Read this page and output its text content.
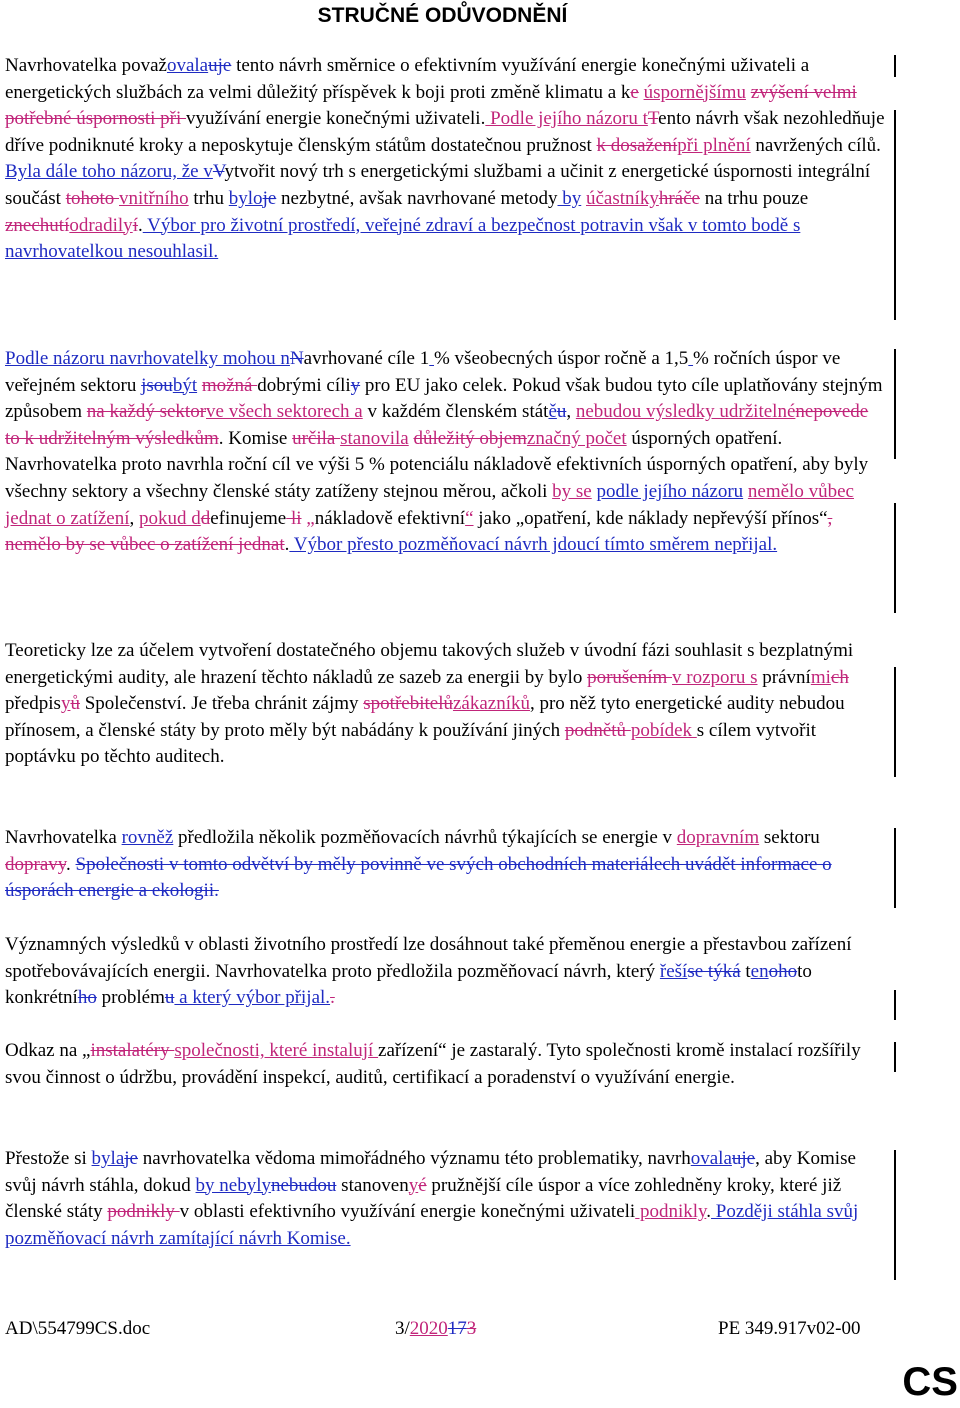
STRUČNÉ ODŮVODNĚNÍ

Navrhovatelka považovalauje tento návrh směrnice o efektivním využívání energie konečnými uživateli a energetických službách za velmi důležitý příspěvek k boji proti změně klimatu a ke úspornějšímu zvýšení velmi potřebné úspornosti při využívání energie konečnými uživateli. Podle jejího názoru tTento návrh však nezohledňuje dříve podniknuté kroky a neposkytuje členským státům dostatečnou pružnost k dosaženípři plnění navržených cílů. Byla dále toho názoru, že vVytvořit nový trh s energetickými službami a učinit z energetické úspornosti integrální součást tohoto vnitřního trhu byloje nezbytné, avšak navrhované metody by účastníkyhráče na trhu pouze znechutíodradilyí. Výbor pro životní prostředí, veřejné zdraví a bezpečnost potravin však v tomto bodě s navrhovatelkou nesouhlasil.

Podle názoru navrhovatelky mohou nNavrhované cíle 1 % všeobecných úspor ročně a 1,5 % ročních úspor ve veřejném sektoru jsoubýt možná dobrými cíliy pro EU jako celek. Pokud však budou tyto cíle uplatňovány stejným způsobem na každý sektorve všech sektorech a v každém členském státěu, nebudou výsledky udržitelnénepovede to k udržitelným výsledkům. Komise určila stanovila důležitý objemznačný počet úsporných opatření. Navrhovatelka proto navrhla roční cíl ve výši 5 % potenciálu nákladově efektivních úsporných opatření, aby byly všechny sektory a všechny členské státy zatíženy stejnou měrou, ačkoli by se podle jejího názoru nemělo vůbec jednat o zatížení, pokud ddefinujeme li „nákladově efektivní“ jako „opatření, kde náklady nepřevýší přínos“, nemělo by se vůbec o zatížení jednat. Výbor přesto pozměňovací návrh jdoucí tímto směrem nepřijal.

Teoreticky lze za účelem vytvoření dostatečného objemu takových služeb v úvodní fázi souhlasit s bezplatnými energetickými audity, ale hrazení těchto nákladů ze sazeb za energii by bylo porušením v rozporu s právnímich předpisyů Společenství. Je třeba chránit zájmy spotřebitelůzákazníků, pro něž tyto energetické audity nebudou přínosem, a členské státy by proto měly být nabádány k používání jiných podnětů pobídek s cílem vytvořit poptávku po těchto auditech.

Navrhovatelka rovněž předložila několik pozměňovacích návrhů týkajících se energie v dopravním sektoru dopravy. Společnosti v tomto odvětví by měly povinně ve svých obchodních materiálech uvádět informace o úsporách energie a ekologii.

Významných výsledků v oblasti životního prostředí lze dosáhnout také přeměnou energie a přestavbou zařízení spotřebovávajících energii. Navrhovatelka proto předložila pozměňovací návrh, který řešíse týká tenohoto konkrétního problému a který výbor přijal..

Odkaz na „instalatéry společnosti, které instalují zařízení“ je zastaralý. Tyto společnosti kromě instalací rozšířily svou činnost o údržbu, provádění inspekcí, auditů, certifikací a poradenství o využívání energie.

Přestože si bylaje navrhovatelka vědoma mimořádného významu této problematiky, navrhovalauje, aby Komise svůj návrh stáhla, dokud by nebylynebudou stanovenyé pružnější cíle úspor a více zohledněny kroky, které již členské státy podnikly v oblasti efektivního využívání energie konečnými uživateli podnikly. Později stáhla svůj pozměňovací návrh zamítající návrh Komise.

AD\554799CS.doc	3/2020173	PE 349.917v02-00
CS
